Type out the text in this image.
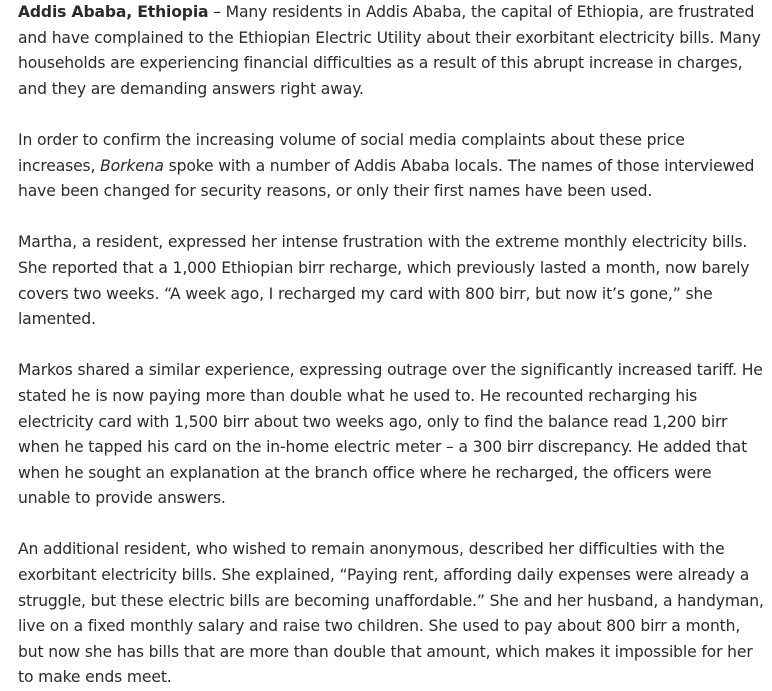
Addis Ababa, Ethiopia – Many residents in Addis Ababa, the capital of Ethiopia, are frustrated and have complained to the Ethiopian Electric Utility about their exorbitant electricity bills. Many households are experiencing financial difficulties as a result of this abrupt increase in charges, and they are demanding answers right away.

In order to confirm the increasing volume of social media complaints about these price increases, Borkena spoke with a number of Addis Ababa locals. The names of those interviewed have been changed for security reasons, or only their first names have been used.

Martha, a resident, expressed her intense frustration with the extreme monthly electricity bills. She reported that a 1,000 Ethiopian birr recharge, which previously lasted a month, now barely covers two weeks. “A week ago, I recharged my card with 800 birr, but now it’s gone,” she lamented.

Markos shared a similar experience, expressing outrage over the significantly increased tariff. He stated he is now paying more than double what he used to. He recounted recharging his electricity card with 1,500 birr about two weeks ago, only to find the balance read 1,200 birr when he tapped his card on the in-home electric meter – a 300 birr discrepancy. He added that when he sought an explanation at the branch office where he recharged, the officers were unable to provide answers.

An additional resident, who wished to remain anonymous, described her difficulties with the exorbitant electricity bills. She explained, “Paying rent, affording daily expenses were already a struggle, but these electric bills are becoming unaffordable.” She and her husband, a handyman, live on a fixed monthly salary and raise two children. She used to pay about 800 birr a month, but now she has bills that are more than double that amount, which makes it impossible for her to make ends meet.
